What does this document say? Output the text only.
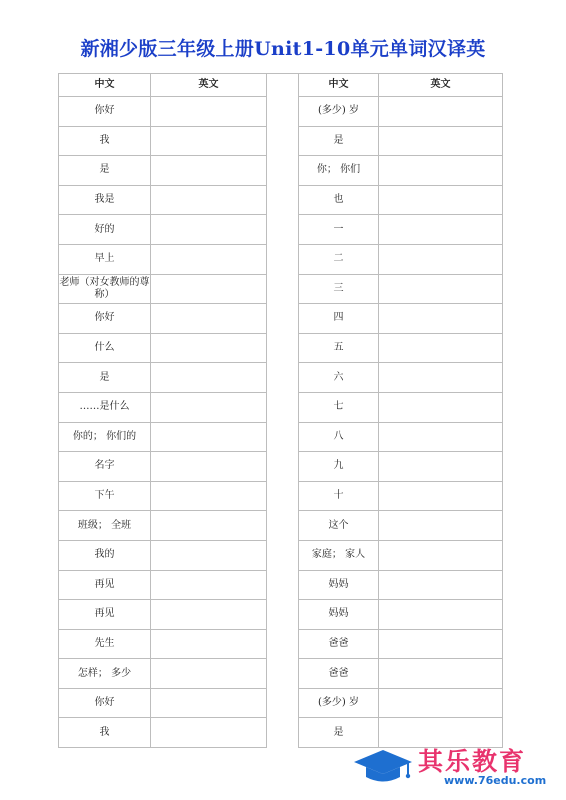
新湘少版三年级上册Unit1-10单元单词汉译英
中文	英文		中文	英文
你好			(多少) 岁	
我			是	
是			你； 你们	
我是			也	
好的			一	
早上			二	
老师（对女教师的尊称）			三	
你好			四	
什么			五	
是			六	
……是什么			七	
你的； 你们的			八	
名字			九	
下午			十	
班级； 全班			这个	
我的			家庭； 家人	
再见			妈妈	
再见			妈妈	
先生			爸爸	
怎样； 多少			爸爸	
你好			(多少) 岁	
我			是	
其乐教育
www.76edu.com
